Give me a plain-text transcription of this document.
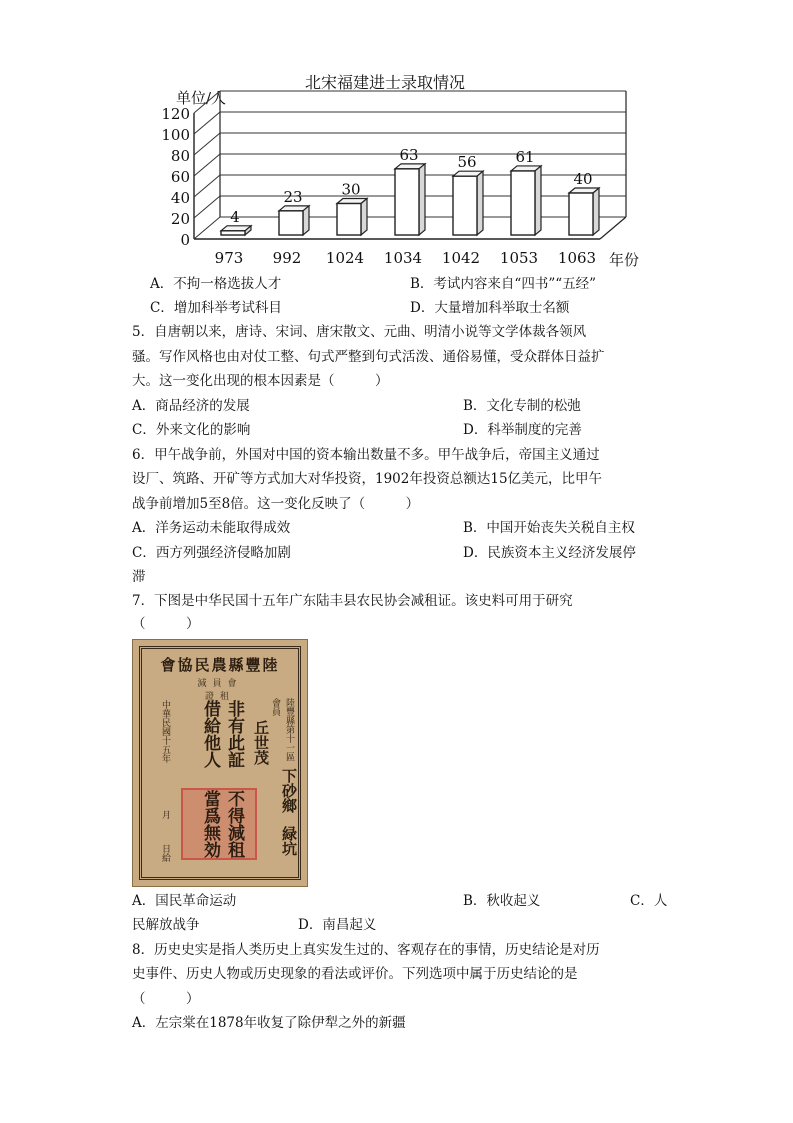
北宋福建进士录取情况
单位/人
年份
0
20
40
60
80
100
120
4
23	30
63	56	61
40
973 992 1024 1034 1042 1053 1063
A．不拘一格选拔人才	B．考试内容来自“四书”“五经”
C．增加科举考试科目	D．大量增加科举取士名额
5．自唐朝以来，唐诗、宋词、唐宋散文、元曲、明清小说等文学体裁各领风
骚。写作风格也由对仗工整、句式严整到句式活泼、通俗易懂，受众群体日益扩
大。这一变化出现的根本因素是（　　　）
A．商品经济的发展	B．文化专制的松弛
C．外来文化的影响	D．科举制度的完善
6．甲午战争前，外国对中国的资本输出数量不多。甲午战争后，帝国主义通过
设厂、筑路、开矿等方式加大对华投资，1902年投资总额达15亿美元，比甲午
战争前增加5至8倍。这一变化反映了（　　　）
A．洋务运动未能取得成效	B．中国开始丧失关税自主权
C．西方列强经济侵略加剧	D．民族资本主义经济发展停
滞
7．下图是中华民国十五年广东陆丰县农民协会减租证。该史料可用于研究
（　　　）
陸豐縣農民協會
會員減租證
陸豐縣第十一區
會員
丘世茂
下砂鄉
緑坑
非有此証
借給他人
不得減租
當爲無効
中華民國十五年
月
日給
A．国民革命运动	B．秋收起义	C．人
民解放战争	D．南昌起义
8．历史史实是指人类历史上真实发生过的、客观存在的事情，历史结论是对历
史事件、历史人物或历史现象的看法或评价。下列选项中属于历史结论的是
（　　　）
A．左宗棠在1878年收复了除伊犁之外的新疆
